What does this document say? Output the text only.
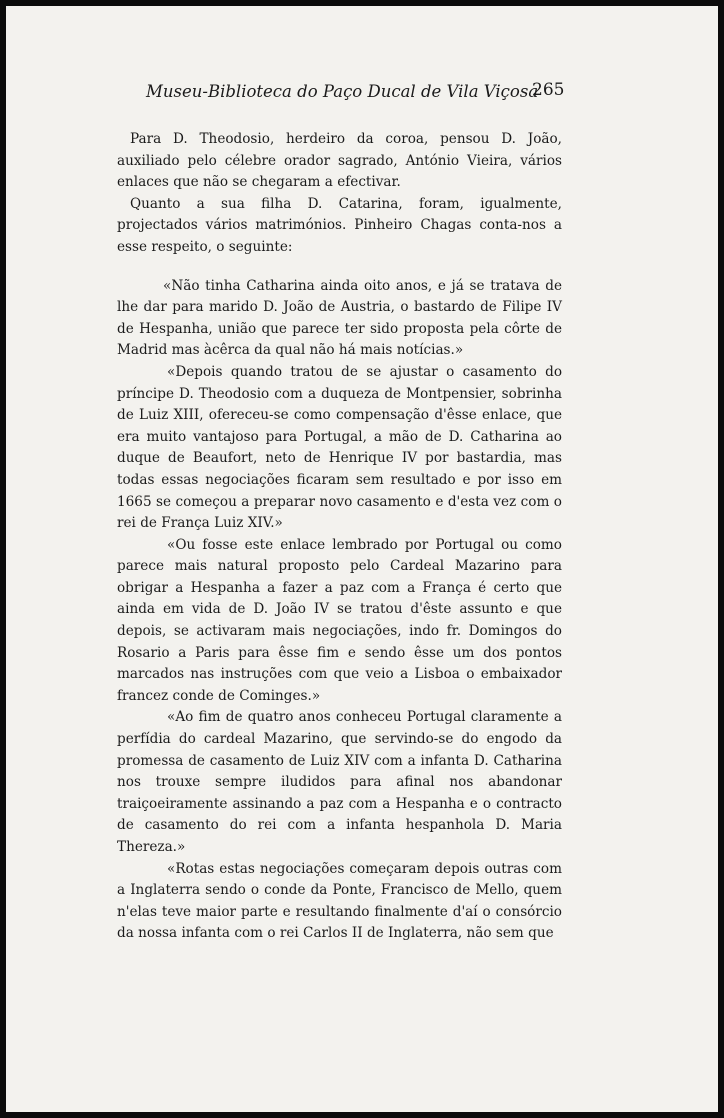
Museu-Biblioteca do Paço Ducal de Vila Viçosa
265

Para D. Theodosio, herdeiro da coroa, pensou D. João, auxiliado pelo célebre orador sagrado, António Vieira, vários enlaces que não se chegaram a efectivar.

Quanto a sua filha D. Catarina, foram, igualmente, projectados vários matrimónios. Pinheiro Chagas conta-nos a esse respeito, o seguinte:

«Não tinha Catharina ainda oito anos, e já se tratava de lhe dar para marido D. João de Austria, o bastardo de Filipe IV de Hespanha, união que parece ter sido proposta pela côrte de Madrid mas àcêrca da qual não há mais notícias.»

«Depois quando tratou de se ajustar o casamento do príncipe D. Theodosio com a duqueza de Montpensier, sobrinha de Luiz XIII, ofereceu-se como compensação d'êsse enlace, que era muito vantajoso para Portugal, a mão de D. Catharina ao duque de Beaufort, neto de Henrique IV por bastardia, mas todas essas negociações ficaram sem resultado e por isso em 1665 se começou a preparar novo casamento e d'esta vez com o rei de França Luiz XIV.»

«Ou fosse este enlace lembrado por Portugal ou como parece mais natural proposto pelo Cardeal Mazarino para obrigar a Hespanha a fazer a paz com a França é certo que ainda em vida de D. João IV se tratou d'êste assunto e que depois, se activaram mais negociações, indo fr. Domingos do Rosario a Paris para êsse fim e sendo êsse um dos pontos marcados nas instruções com que veio a Lisboa o embaixador francez conde de Cominges.»

«Ao fim de quatro anos conheceu Portugal claramente a perfídia do cardeal Mazarino, que servindo-se do engodo da promessa de casamento de Luiz XIV com a infanta D. Catharina nos trouxe sempre iludidos para afinal nos abandonar traiçoeiramente assinando a paz com a Hespanha e o contracto de casamento do rei com a infanta hespanhola D. Maria Thereza.»

«Rotas estas negociações começaram depois outras com a Inglaterra sendo o conde da Ponte, Francisco de Mello, quem n'elas teve maior parte e resultando finalmente d'aí o consórcio da nossa infanta com o rei Carlos II de Inglaterra, não sem que
